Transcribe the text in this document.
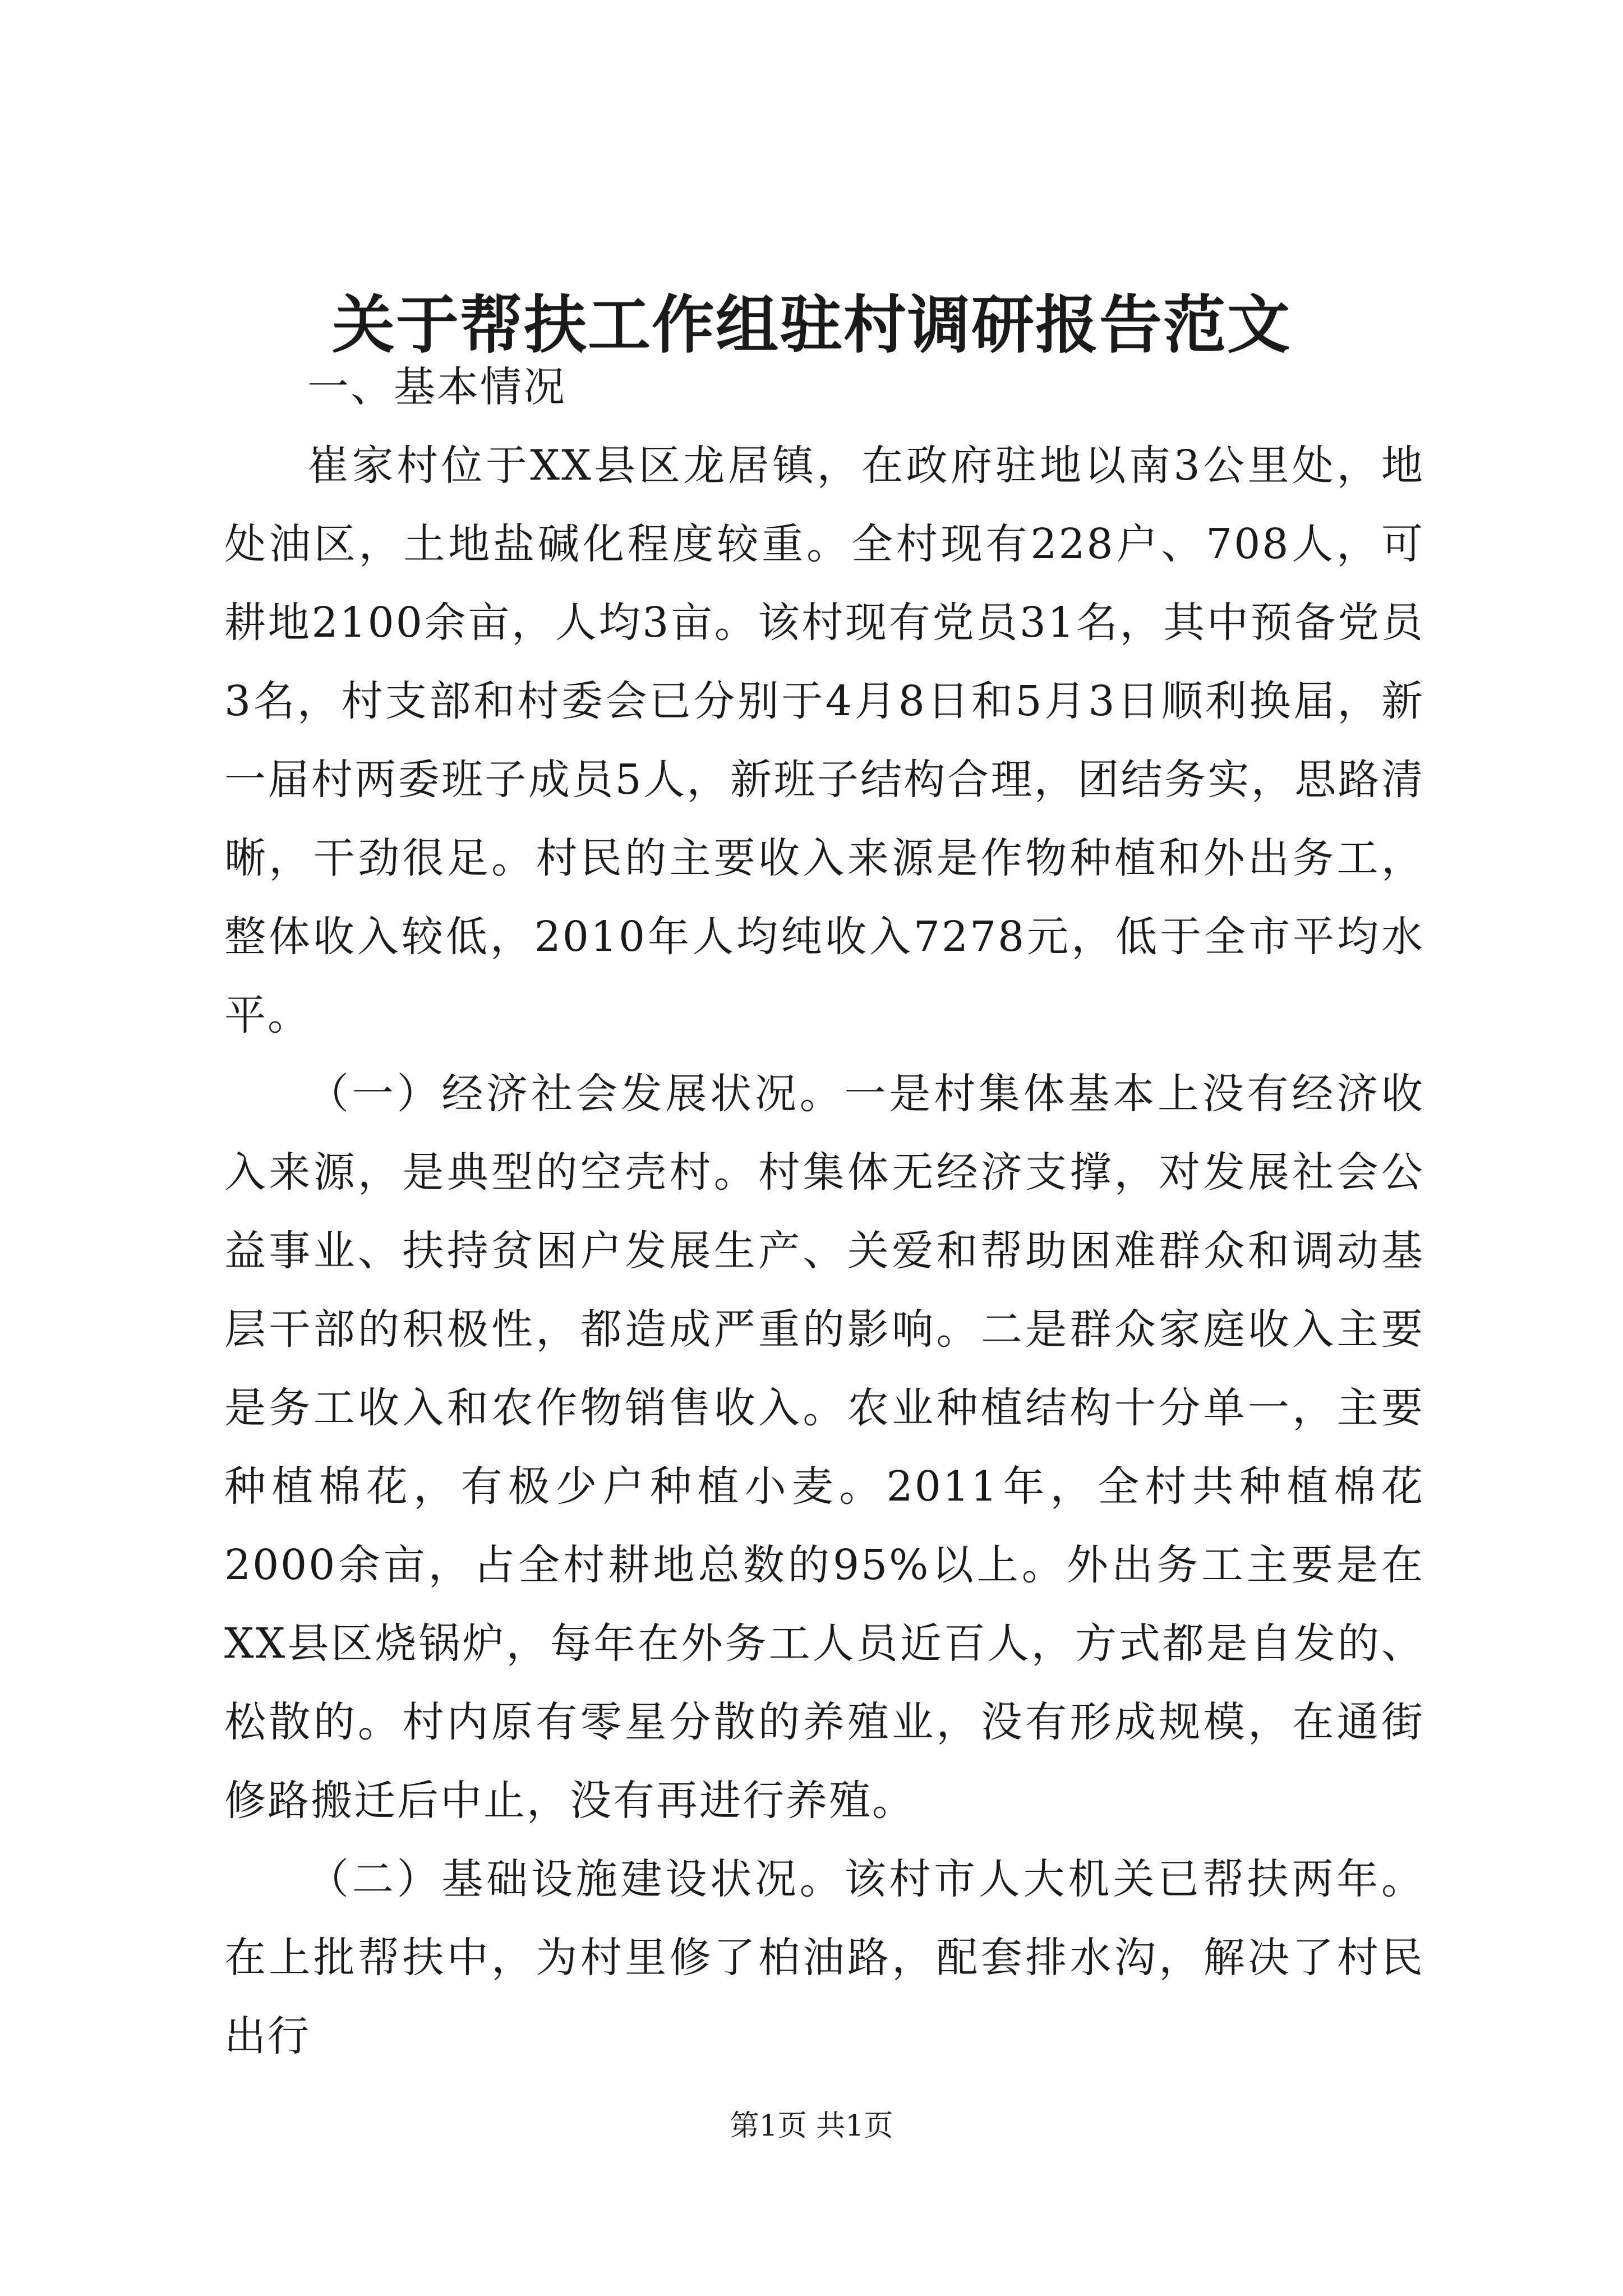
关于帮扶工作组驻村调研报告范文

一、基本情况

崔家村位于XX县区龙居镇，在政府驻地以南3公里处，地处油区，土地盐碱化程度较重。全村现有228户、708人，可耕地2100余亩，人均3亩。该村现有党员31名，其中预备党员3名，村支部和村委会已分别于4月8日和5月3日顺利换届，新一届村两委班子成员5人，新班子结构合理，团结务实，思路清晰，干劲很足。村民的主要收入来源是作物种植和外出务工，整体收入较低，2010年人均纯收入7278元，低于全市平均水平。

（一）经济社会发展状况。一是村集体基本上没有经济收入来源，是典型的空壳村。村集体无经济支撑，对发展社会公益事业、扶持贫困户发展生产、关爱和帮助困难群众和调动基层干部的积极性，都造成严重的影响。二是群众家庭收入主要是务工收入和农作物销售收入。农业种植结构十分单一，主要种植棉花，有极少户种植小麦。2011年，全村共种植棉花2000余亩，占全村耕地总数的95%以上。外出务工主要是在XX县区烧锅炉，每年在外务工人员近百人，方式都是自发的、松散的。村内原有零星分散的养殖业，没有形成规模，在通街修路搬迁后中止，没有再进行养殖。

（二）基础设施建设状况。该村市人大机关已帮扶两年。在上批帮扶中，为村里修了柏油路，配套排水沟，解决了村民出行

第1页 共1页
